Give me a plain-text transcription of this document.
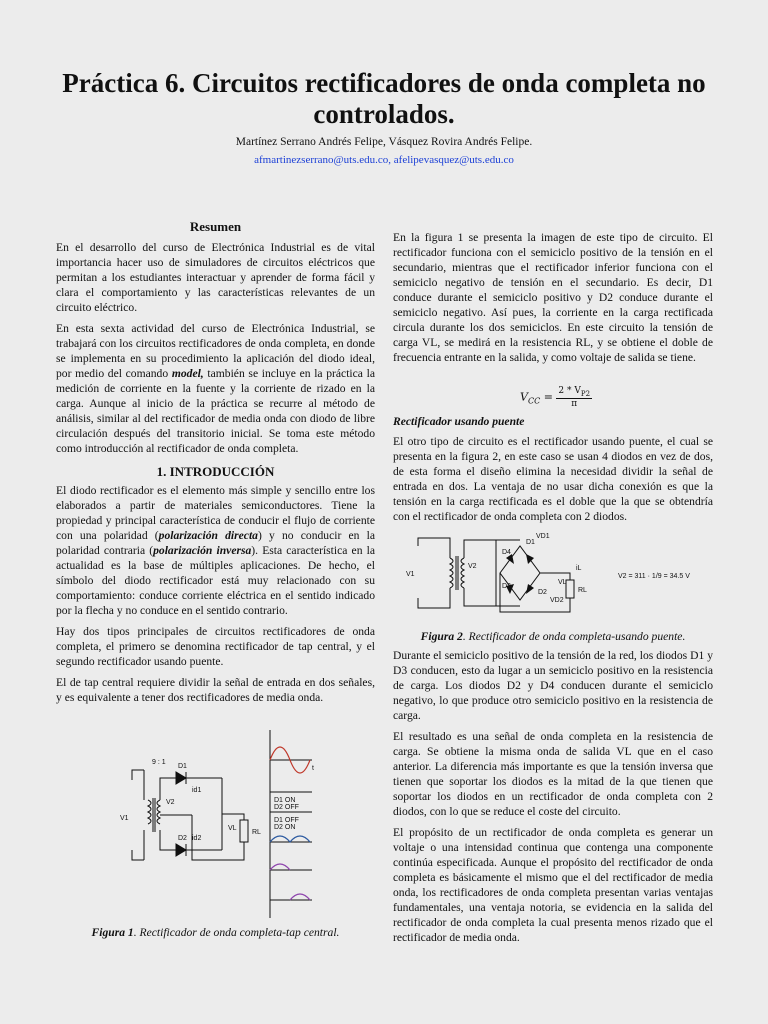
Práctica 6. Circuitos rectificadores de onda completa no controlados.
Martínez Serrano Andrés Felipe, Vásquez Rovira Andrés Felipe.
afmartinezserrano@uts.edu.co, afelipevasquez@uts.edu.co

Resumen

En el desarrollo del curso de Electrónica Industrial es de vital importancia hacer uso de simuladores de circuitos eléctricos que permitan a los estudiantes interactuar y aprender de forma fácil y clara el comportamiento y las características relevantes de un circuito eléctrico.

En esta sexta actividad del curso de Electrónica Industrial, se trabajará con los circuitos rectificadores de onda completa, en donde se implementa en su procedimiento la aplicación del diodo ideal, por medio del comando model, también se incluye en la práctica la medición de corriente en la fuente y la corriente de rizado en la carga. Aunque al inicio de la práctica se recurre al método de análisis, similar al del rectificador de media onda con diodo de libre circulación después del transitorio inicial. Se toma este método como introducción al rectificador de onda completa.

1. INTRODUCCIÓN

El diodo rectificador es el elemento más simple y sencillo entre los elaborados a partir de materiales semiconductores. Tiene la propiedad y principal característica de conducir el flujo de corriente con una polaridad (polarización directa) y no conducir en la polaridad contraria (polarización inversa). Esta característica en la actualidad es la base de múltiples aplicaciones. De hecho, el símbolo del diodo rectificador está muy relacionado con su comportamiento: conduce corriente eléctrica en el sentido indicado por la flecha y no conduce en el sentido contrario.

Hay dos tipos principales de circuitos rectificadores de onda completa, el primero se denomina rectificador de tap central, y el segundo rectificador usando puente.

El de tap central requiere dividir la señal de entrada en dos señales, y es equivalente a tener dos rectificadores de media onda.

9 : 1
V1
V2
D1
D2
id1
id2
VL
RL
t
D1 ON
D2 OFF
D1 OFF
D2 ON
Figura 1. Rectificador de onda completa-tap central.

En la figura 1 se presenta la imagen de este tipo de circuito. El rectificador funciona con el semiciclo positivo de la tensión en el secundario, mientras que el rectificador inferior funciona con el semiciclo negativo de tensión en el secundario. Es decir, D1 conduce durante el semiciclo positivo y D2 conduce durante el semiciclo negativo. Así pues, la corriente en la carga rectificada circula durante los dos semiciclos. En este circuito la tensión de carga VL, se medirá en la resistencia RL, y se obtiene el doble de frecuencia entrante en la salida, y como voltaje de salida se tiene.

$V_{CC} = \frac{2 * V_{P2}}{\pi}$

Rectificador usando puente

El otro tipo de circuito es el rectificador usando puente, el cual se presenta en la figura 2, en este caso se usan 4 diodos en vez de dos, de esta forma el diseño elimina la necesidad dividir la señal de entrada en dos. La ventaja de no usar dicha conexión es que la tensión en la carga rectificada es el doble que la que se obtendría con el rectificador de onda completa con 2 diodos.

V1
V2
D1
D2
D3
D4
VD1
VD2
VL
RL
iL
V2 = 311 · 1/9 = 34.5 V
Figura 2. Rectificador de onda completa-usando puente.

Durante el semiciclo positivo de la tensión de la red, los diodos D1 y D3 conducen, esto da lugar a un semiciclo positivo en la resistencia de carga. Los diodos D2 y D4 conducen durante el semiciclo negativo, lo que produce otro semiciclo positivo en la resistencia de carga.

El resultado es una señal de onda completa en la resistencia de carga. Se obtiene la misma onda de salida VL que en el caso anterior. La diferencia más importante es que la tensión inversa que tienen que soportar los diodos es la mitad de la que tienen que soportar los diodos en un rectificador de onda completa con 2 diodos, con lo que se reduce el coste del circuito.

El propósito de un rectificador de onda completa es generar un voltaje o una intensidad continua que contenga una componente continúa especificada. Aunque el propósito del rectificador de onda completa es básicamente el mismo que el del rectificador de media onda, los rectificadores de onda completa presentan varias ventajas fundamentales, una ventaja notoria, se evidencia en la salida del rectificador de onda completa la cual presenta menos rizado que el rectificador de media onda.
